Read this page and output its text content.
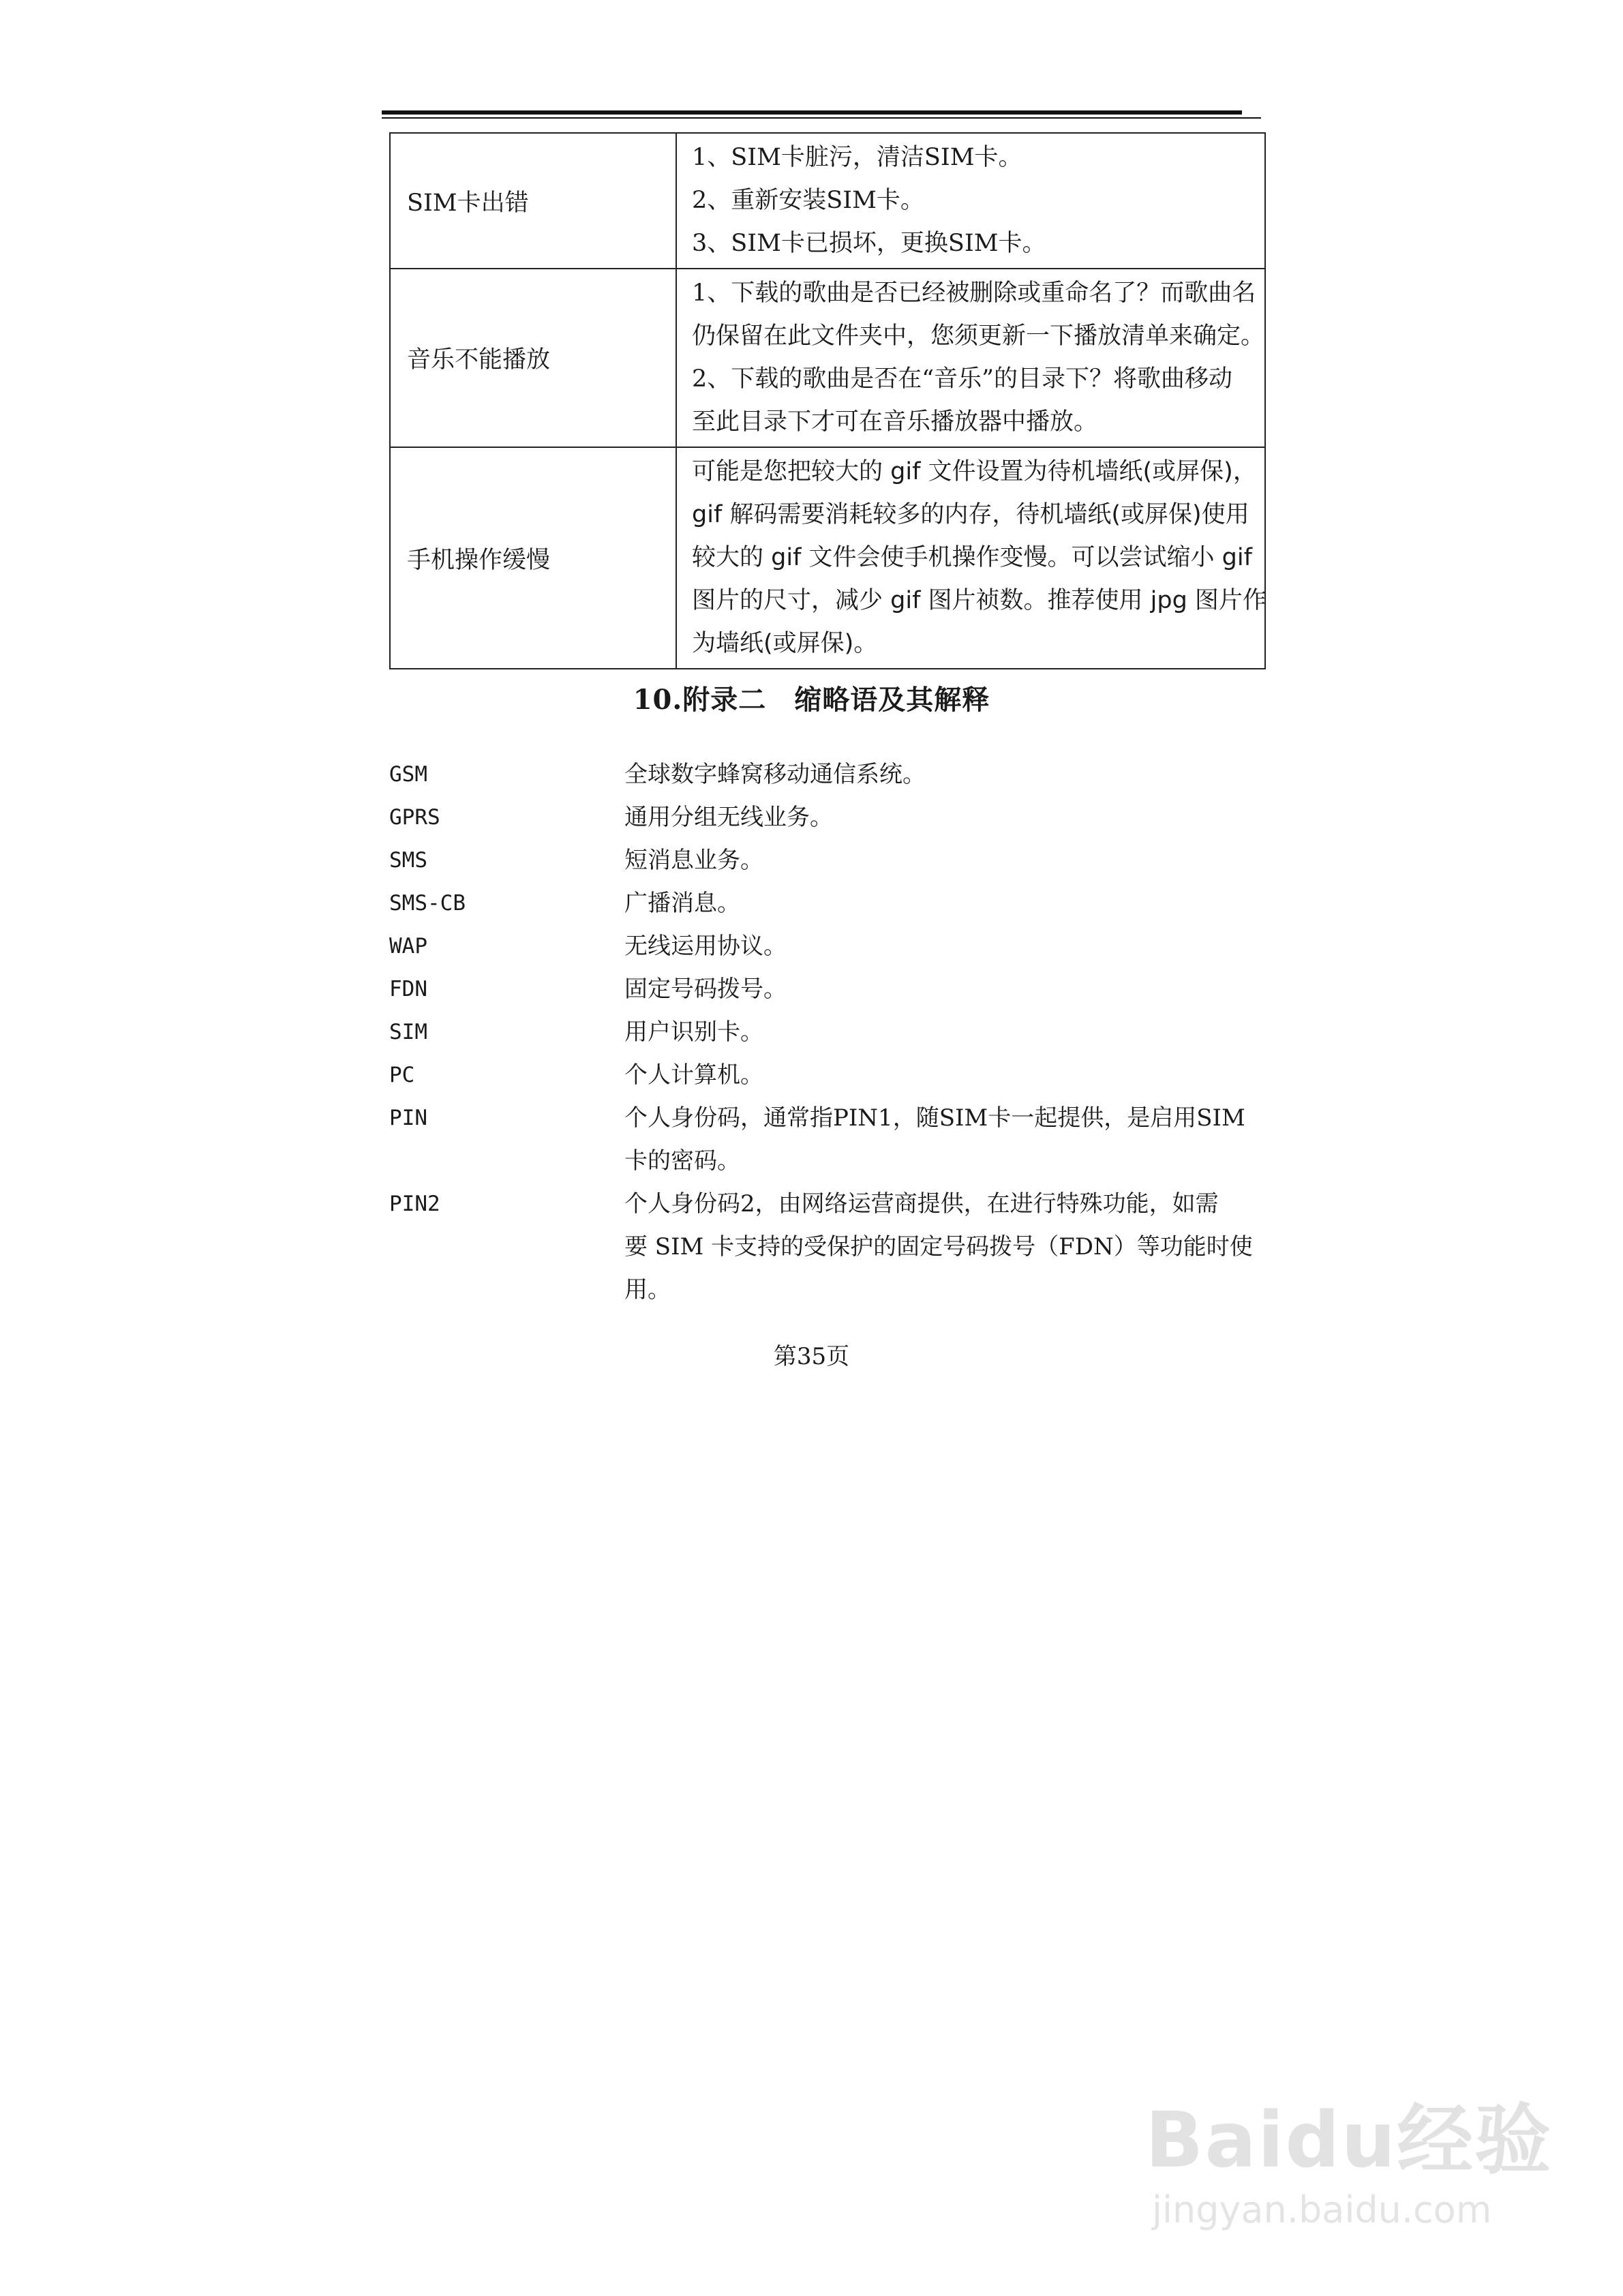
SIM卡出错	1、SIM卡脏污，清洁SIM卡。
2、重新安装SIM卡。
3、SIM卡已损坏，更换SIM卡。

音乐不能播放	1、下载的歌曲是否已经被删除或重命名了？而歌曲名
仍保留在此文件夹中，您须更新一下播放清单来确定。
2、下载的歌曲是否在“音乐”的目录下？将歌曲移动
至此目录下才可在音乐播放器中播放。

手机操作缓慢	可能是您把较大的 gif 文件设置为待机墙纸(或屏保)，
gif 解码需要消耗较多的内存，待机墙纸(或屏保)使用
较大的 gif 文件会使手机操作变慢。可以尝试缩小 gif
图片的尺寸，减少 gif 图片祯数。推荐使用 jpg 图片作
为墙纸(或屏保)。
10.附录二　缩略语及其解释
GSM	全球数字蜂窝移动通信系统。
GPRS	通用分组无线业务。
SMS	短消息业务。
SMS-CB	广播消息。
WAP	无线运用协议。
FDN	固定号码拨号。
SIM	用户识别卡。
PC	个人计算机。
PIN	个人身份码，通常指PIN1，随SIM卡一起提供，是启用SIM
卡的密码。
PIN2	个人身份码2，由网络运营商提供，在进行特殊功能，如需
要 SIM 卡支持的受保护的固定号码拨号（FDN）等功能时使
用。
第35页
Baidu经验
jingyan.baidu.com
